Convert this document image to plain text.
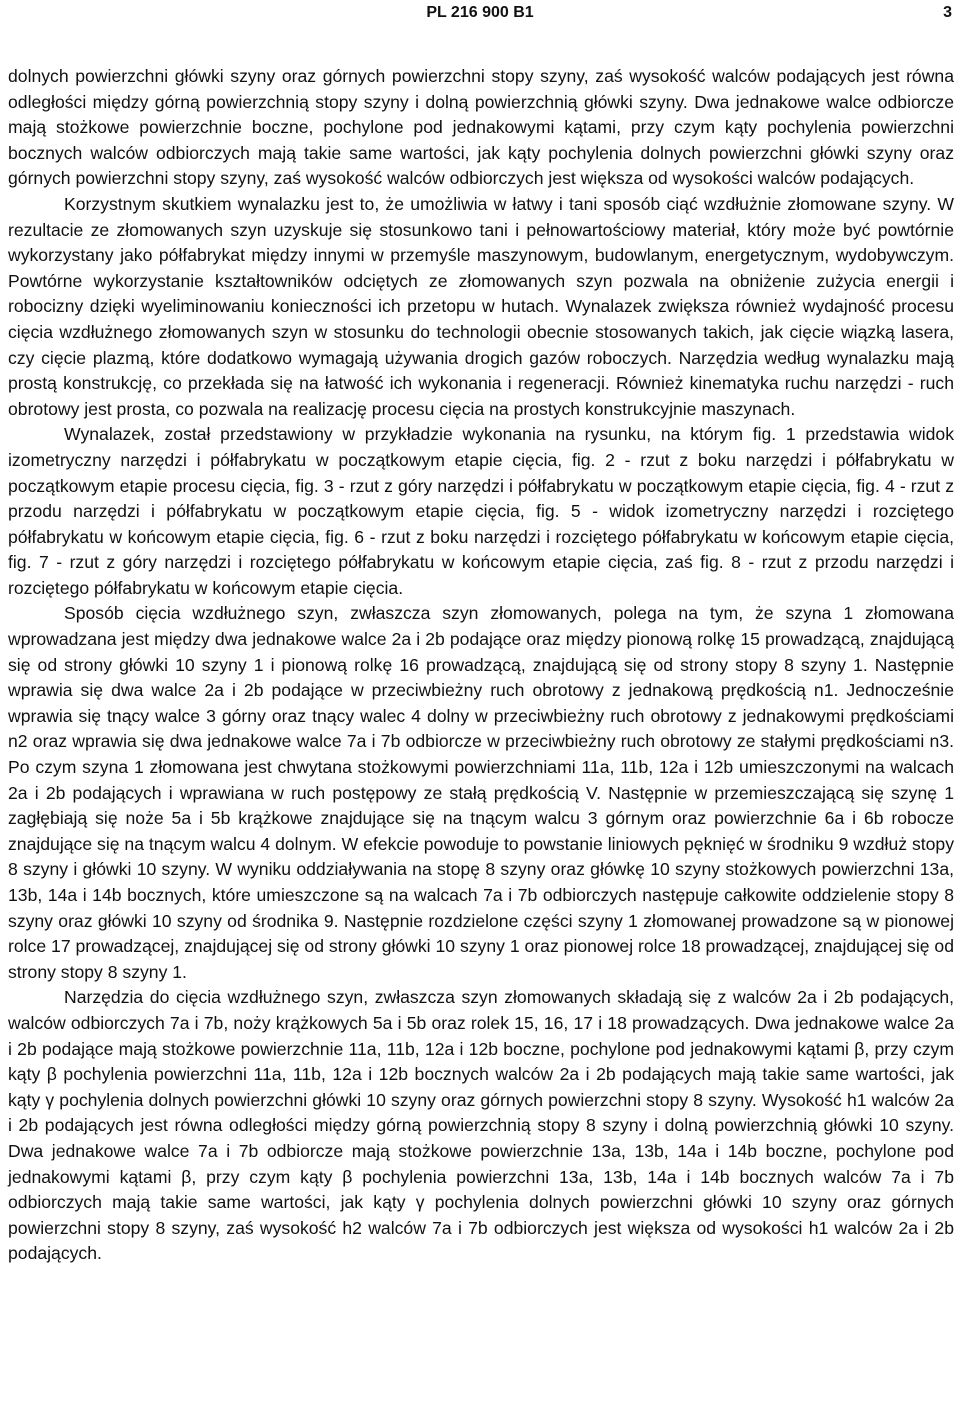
PL 216 900 B1	3

dolnych powierzchni główki szyny oraz górnych powierzchni stopy szyny, zaś wysokość walców podających jest równa odległości między górną powierzchnią stopy szyny i dolną powierzchnią główki szyny. Dwa jednakowe walce odbiorcze mają stożkowe powierzchnie boczne, pochylone pod jednakowymi kątami, przy czym kąty pochylenia powierzchni bocznych walców odbiorczych mają takie same wartości, jak kąty pochylenia dolnych powierzchni główki szyny oraz górnych powierzchni stopy szyny, zaś wysokość walców odbiorczych jest większa od wysokości walców podających.

Korzystnym skutkiem wynalazku jest to, że umożliwia w łatwy i tani sposób ciąć wzdłużnie złomowane szyny. W rezultacie ze złomowanych szyn uzyskuje się stosunkowo tani i pełnowartościowy materiał, który może być powtórnie wykorzystany jako półfabrykat między innymi w przemyśle maszynowym, budowlanym, energetycznym, wydobywczym. Powtórne wykorzystanie kształtowników odciętych ze złomowanych szyn pozwala na obniżenie zużycia energii i robocizny dzięki wyeliminowaniu konieczności ich przetopu w hutach. Wynalazek zwiększa również wydajność procesu cięcia wzdłużnego złomowanych szyn w stosunku do technologii obecnie stosowanych takich, jak cięcie wiązką lasera, czy cięcie plazmą, które dodatkowo wymagają używania drogich gazów roboczych. Narzędzia według wynalazku mają prostą konstrukcję, co przekłada się na łatwość ich wykonania i regeneracji. Również kinematyka ruchu narzędzi - ruch obrotowy jest prosta, co pozwala na realizację procesu cięcia na prostych konstrukcyjnie maszynach.

Wynalazek, został przedstawiony w przykładzie wykonania na rysunku, na którym fig. 1 przedstawia widok izometryczny narzędzi i półfabrykatu w początkowym etapie cięcia, fig. 2 - rzut z boku narzędzi i półfabrykatu w początkowym etapie procesu cięcia, fig. 3 - rzut z góry narzędzi i półfabrykatu w początkowym etapie cięcia, fig. 4 - rzut z przodu narzędzi i półfabrykatu w początkowym etapie cięcia, fig. 5 - widok izometryczny narzędzi i rozciętego półfabrykatu w końcowym etapie cięcia, fig. 6 - rzut z boku narzędzi i rozciętego półfabrykatu w końcowym etapie cięcia, fig. 7 - rzut z góry narzędzi i rozciętego półfabrykatu w końcowym etapie cięcia, zaś fig. 8 - rzut z przodu narzędzi i rozciętego półfabrykatu w końcowym etapie cięcia.

Sposób cięcia wzdłużnego szyn, zwłaszcza szyn złomowanych, polega na tym, że szyna 1 złomowana wprowadzana jest między dwa jednakowe walce 2a i 2b podające oraz między pionową rolkę 15 prowadzącą, znajdującą się od strony główki 10 szyny 1 i pionową rolkę 16 prowadzącą, znajdującą się od strony stopy 8 szyny 1. Następnie wprawia się dwa walce 2a i 2b podające w przeciwbieżny ruch obrotowy z jednakową prędkością n1. Jednocześnie wprawia się tnący walce 3 górny oraz tnący walec 4 dolny w przeciwbieżny ruch obrotowy z jednakowymi prędkościami n2 oraz wprawia się dwa jednakowe walce 7a i 7b odbiorcze w przeciwbieżny ruch obrotowy ze stałymi prędkościami n3. Po czym szyna 1 złomowana jest chwytana stożkowymi powierzchniami 11a, 11b, 12a i 12b umieszczonymi na walcach 2a i 2b podających i wprawiana w ruch postępowy ze stałą prędkością V. Następnie w przemieszczającą się szynę 1 zagłębiają się noże 5a i 5b krążkowe znajdujące się na tnącym walcu 3 górnym oraz powierzchnie 6a i 6b robocze znajdujące się na tnącym walcu 4 dolnym. W efekcie powoduje to powstanie liniowych pęknięć w środniku 9 wzdłuż stopy 8 szyny i główki 10 szyny. W wyniku oddziaływania na stopę 8 szyny oraz główkę 10 szyny stożkowych powierzchni 13a, 13b, 14a i 14b bocznych, które umieszczone są na walcach 7a i 7b odbiorczych następuje całkowite oddzielenie stopy 8 szyny oraz główki 10 szyny od środnika 9. Następnie rozdzielone części szyny 1 złomowanej prowadzone są w pionowej rolce 17 prowadzącej, znajdującej się od strony główki 10 szyny 1 oraz pionowej rolce 18 prowadzącej, znajdującej się od strony stopy 8 szyny 1.

Narzędzia do cięcia wzdłużnego szyn, zwłaszcza szyn złomowanych składają się z walców 2a i 2b podających, walców odbiorczych 7a i 7b, noży krążkowych 5a i 5b oraz rolek 15, 16, 17 i 18 prowadzących. Dwa jednakowe walce 2a i 2b podające mają stożkowe powierzchnie 11a, 11b, 12a i 12b boczne, pochylone pod jednakowymi kątami β, przy czym kąty β pochylenia powierzchni 11a, 11b, 12a i 12b bocznych walców 2a i 2b podających mają takie same wartości, jak kąty γ pochylenia dolnych powierzchni główki 10 szyny oraz górnych powierzchni stopy 8 szyny. Wysokość h1 walców 2a i 2b podających jest równa odległości między górną powierzchnią stopy 8 szyny i dolną powierzchnią główki 10 szyny. Dwa jednakowe walce 7a i 7b odbiorcze mają stożkowe powierzchnie 13a, 13b, 14a i 14b boczne, pochylone pod jednakowymi kątami β, przy czym kąty β pochylenia powierzchni 13a, 13b, 14a i 14b bocznych walców 7a i 7b odbiorczych mają takie same wartości, jak kąty γ pochylenia dolnych powierzchni główki 10 szyny oraz górnych powierzchni stopy 8 szyny, zaś wysokość h2 walców 7a i 7b odbiorczych jest większa od wysokości h1 walców 2a i 2b podających.
